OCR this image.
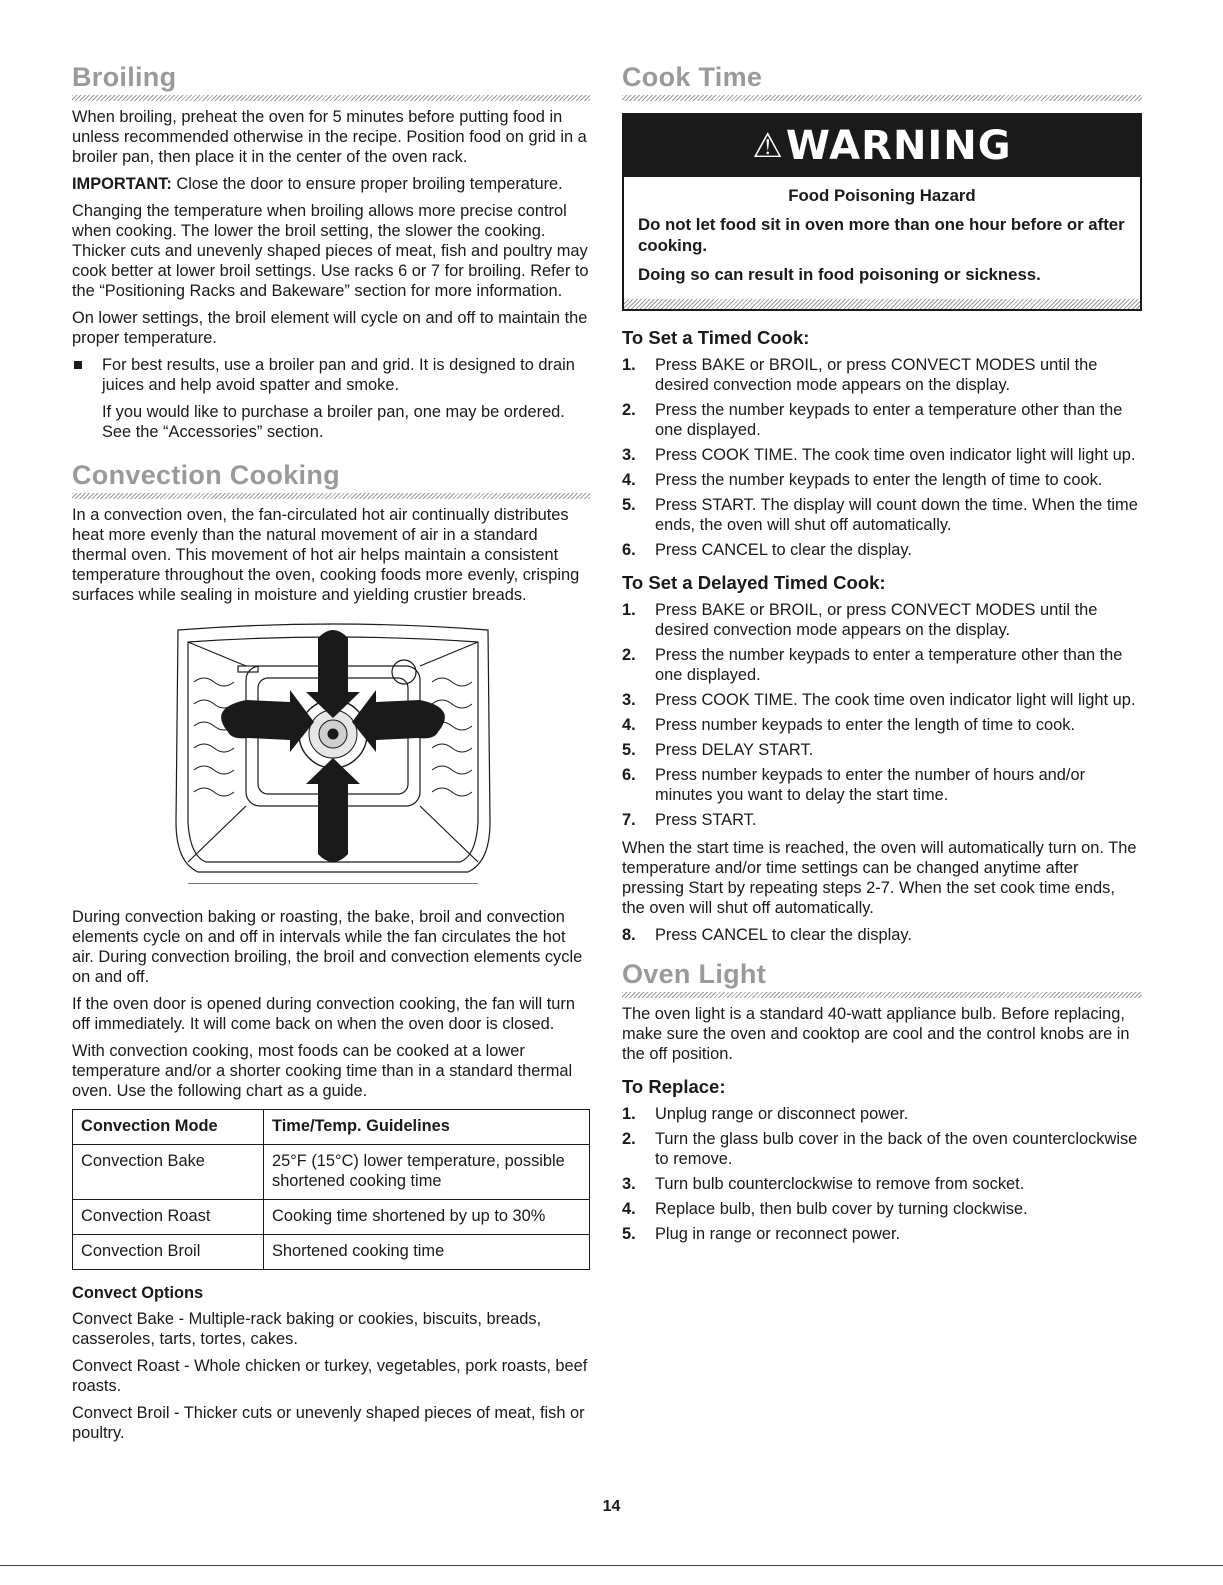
Broiling

When broiling, preheat the oven for 5 minutes before putting food in unless recommended otherwise in the recipe. Position food on grid in a broiler pan, then place it in the center of the oven rack.

IMPORTANT: Close the door to ensure proper broiling temperature.

Changing the temperature when broiling allows more precise control when cooking. The lower the broil setting, the slower the cooking. Thicker cuts and unevenly shaped pieces of meat, fish and poultry may cook better at lower broil settings. Use racks 6 or 7 for broiling. Refer to the “Positioning Racks and Bakeware” section for more information.

On lower settings, the broil element will cycle on and off to maintain the proper temperature.

For best results, use a broiler pan and grid. It is designed to drain juices and help avoid spatter and smoke.

If you would like to purchase a broiler pan, one may be ordered. See the “Accessories” section.

Convection Cooking

In a convection oven, the fan-circulated hot air continually distributes heat more evenly than the natural movement of air in a standard thermal oven. This movement of hot air helps maintain a consistent temperature throughout the oven, cooking foods more evenly, crisping surfaces while sealing in moisture and yielding crustier breads.

During convection baking or roasting, the bake, broil and convection elements cycle on and off in intervals while the fan circulates the hot air. During convection broiling, the broil and convection elements cycle on and off.

If the oven door is opened during convection cooking, the fan will turn off immediately. It will come back on when the oven door is closed.

With convection cooking, most foods can be cooked at a lower temperature and/or a shorter cooking time than in a standard thermal oven. Use the following chart as a guide.

Convection Mode	Time/Temp. Guidelines
Convection Bake	25°F (15°C) lower temperature, possible shortened cooking time
Convection Roast	Cooking time shortened by up to 30%
Convection Broil	Shortened cooking time
Convect Options

Convect Bake - Multiple-rack baking or cookies, biscuits, breads, casseroles, tarts, tortes, cakes.

Convect Roast - Whole chicken or turkey, vegetables, pork roasts, beef roasts.

Convect Broil - Thicker cuts or unevenly shaped pieces of meat, fish or poultry.

Cook Time
⚠ WARNING
Food Poisoning Hazard

Do not let food sit in oven more than one hour before or after cooking.

Doing so can result in food poisoning or sickness.

To Set a Timed Cook:
1. Press BAKE or BROIL, or press CONVECT MODES until the desired convection mode appears on the display.
2. Press the number keypads to enter a temperature other than the one displayed.
3. Press COOK TIME. The cook time oven indicator light will light up.
4. Press the number keypads to enter the length of time to cook.
5. Press START. The display will count down the time. When the time ends, the oven will shut off automatically.
6. Press CANCEL to clear the display.
To Set a Delayed Timed Cook:
1. Press BAKE or BROIL, or press CONVECT MODES until the desired convection mode appears on the display.
2. Press the number keypads to enter a temperature other than the one displayed.
3. Press COOK TIME. The cook time oven indicator light will light up.
4. Press number keypads to enter the length of time to cook.
5. Press DELAY START.
6. Press number keypads to enter the number of hours and/or minutes you want to delay the start time.
7. Press START.

When the start time is reached, the oven will automatically turn on. The temperature and/or time settings can be changed anytime after pressing Start by repeating steps 2-7. When the set cook time ends, the oven will shut off automatically.

8. Press CANCEL to clear the display.
Oven Light

The oven light is a standard 40-watt appliance bulb. Before replacing, make sure the oven and cooktop are cool and the control knobs are in the off position.

To Replace:
1. Unplug range or disconnect power.
2. Turn the glass bulb cover in the back of the oven counterclockwise to remove.
3. Turn bulb counterclockwise to remove from socket.
4. Replace bulb, then bulb cover by turning clockwise.
5. Plug in range or reconnect power.
14
